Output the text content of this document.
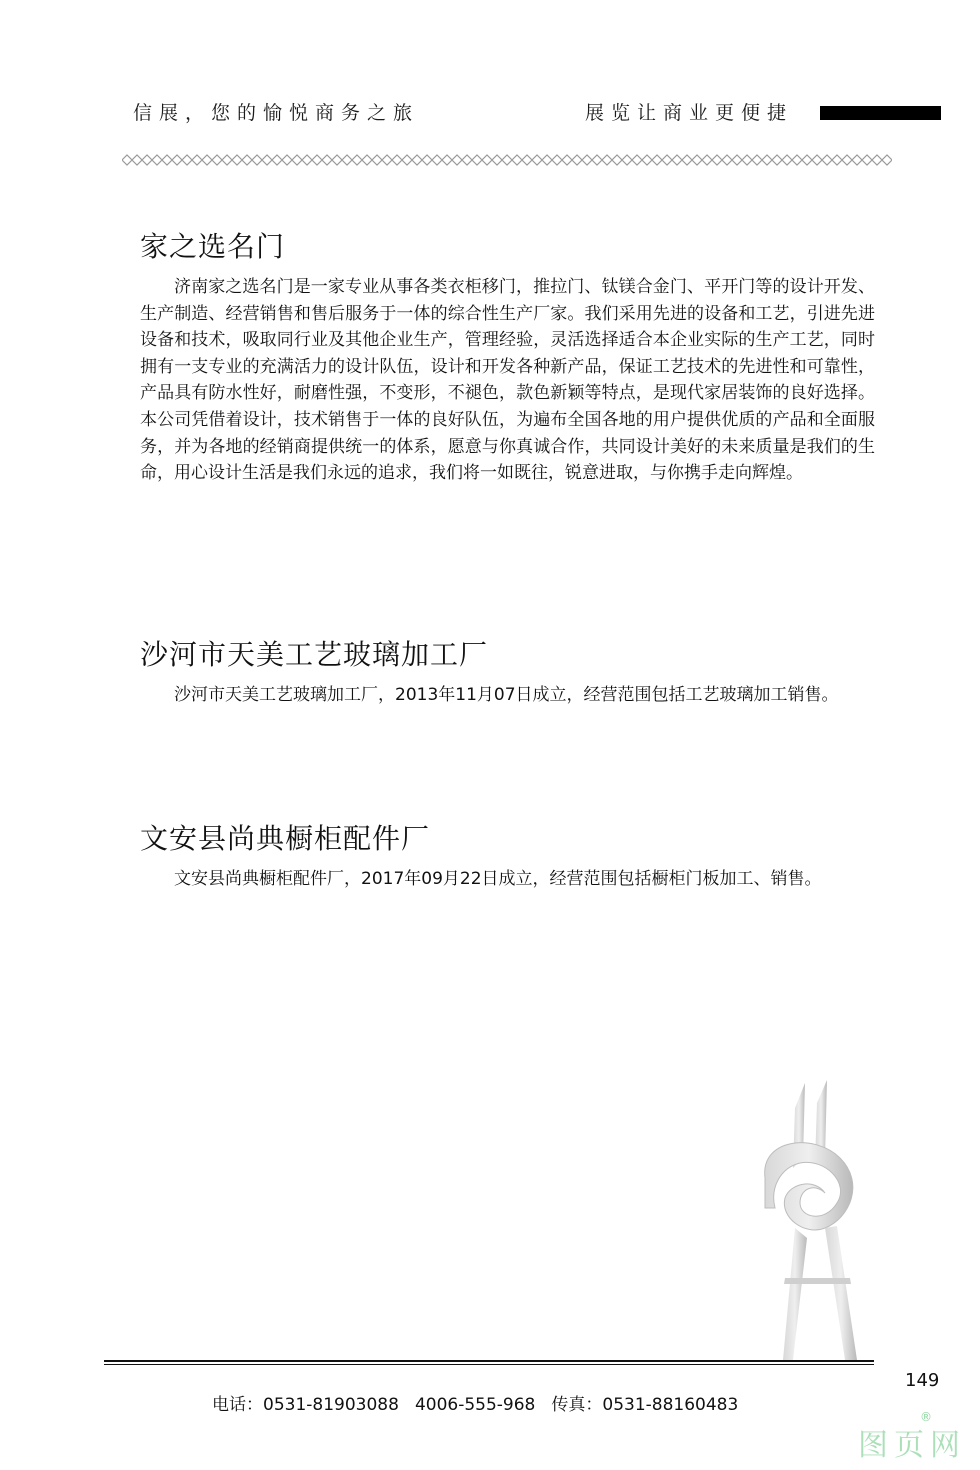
信展，您的愉悦商务之旅	展览让商业更便捷
家之选名门

济南家之选名门是一家专业从事各类衣柜移门，推拉门、钛镁合金门、平开门等的设计开发、生产制造、经营销售和售后服务于一体的综合性生产厂家。我们采用先进的设备和工艺，引进先进设备和技术，吸取同行业及其他企业生产，管理经验，灵活选择适合本企业实际的生产工艺，同时拥有一支专业的充满活力的设计队伍，设计和开发各种新产品，保证工艺技术的先进性和可靠性，产品具有防水性好，耐磨性强，不变形，不褪色，款色新颖等特点，是现代家居装饰的良好选择。本公司凭借着设计，技术销售于一体的良好队伍，为遍布全国各地的用户提供优质的产品和全面服务，并为各地的经销商提供统一的体系，愿意与你真诚合作，共同设计美好的未来质量是我们的生命，用心设计生活是我们永远的追求，我们将一如既往，锐意进取，与你携手走向辉煌。

沙河市天美工艺玻璃加工厂

沙河市天美工艺玻璃加工厂，2013年11月07日成立，经营范围包括工艺玻璃加工销售。

文安县尚典橱柜配件厂

文安县尚典橱柜配件厂，2017年09月22日成立，经营范围包括橱柜门板加工、销售。

149
电话：0531-81903088 4006-555-968 传真：0531-88160483
图页网
®
